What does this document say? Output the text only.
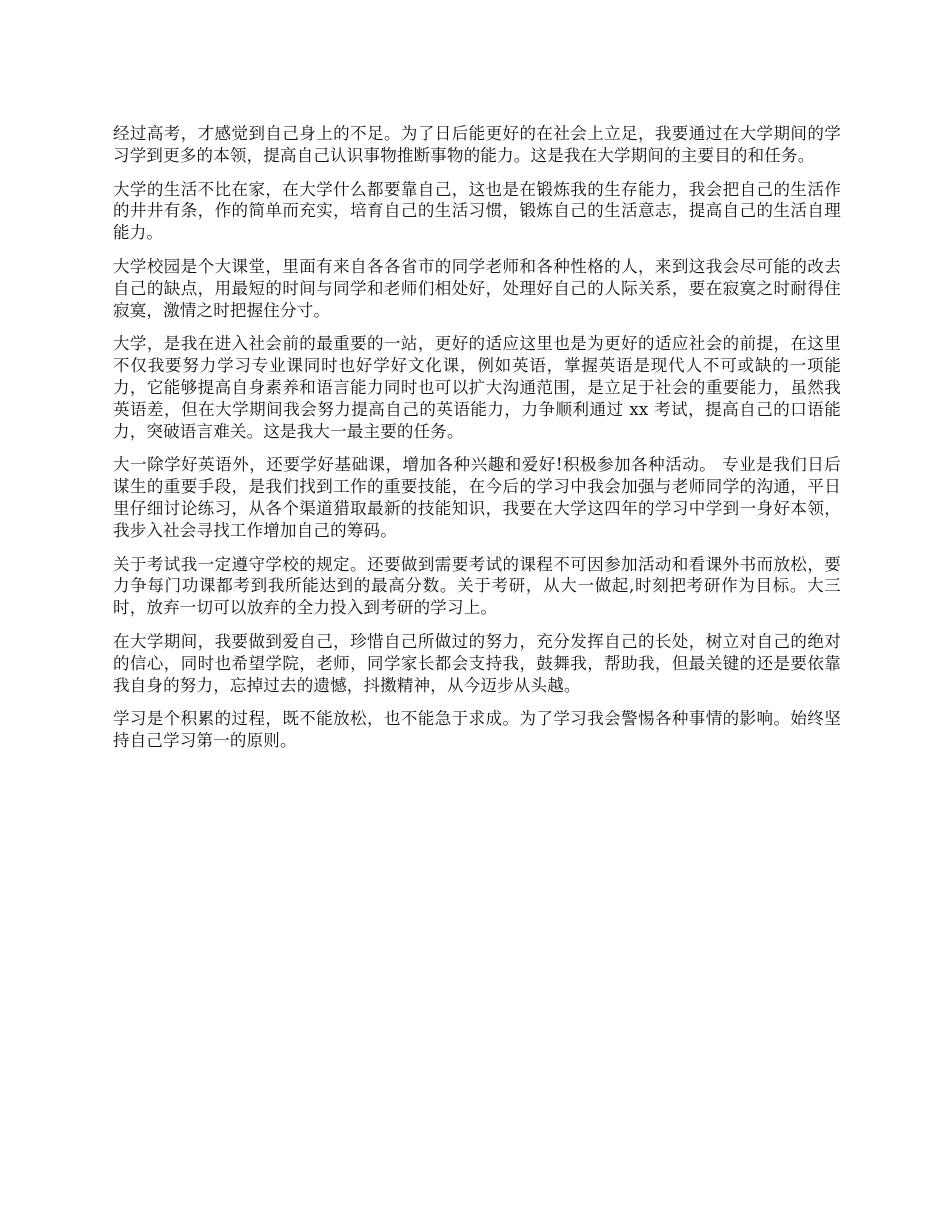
经过高考，才感觉到自己身上的不足。为了日后能更好的在社会上立足，我要通过在大学期间的学习学到更多的本领，提高自己认识事物推断事物的能力。这是我在大学期间的主要目的和任务。

大学的生活不比在家，在大学什么都要靠自己，这也是在锻炼我的生存能力，我会把自己的生活作的井井有条，作的简单而充实，培育自己的生活习惯，锻炼自己的生活意志，提高自己的生活自理能力。

大学校园是个大课堂，里面有来自各各省市的同学老师和各种性格的人，来到这我会尽可能的改去自己的缺点，用最短的时间与同学和老师们相处好，处理好自己的人际关系，要在寂寞之时耐得住寂寞，激情之时把握住分寸。

大学，是我在进入社会前的最重要的一站，更好的适应这里也是为更好的适应社会的前提，在这里不仅我要努力学习专业课同时也好学好文化课，例如英语，掌握英语是现代人不可或缺的一项能力，它能够提高自身素养和语言能力同时也可以扩大沟通范围，是立足于社会的重要能力，虽然我英语差，但在大学期间我会努力提高自己的英语能力，力争顺利通过 xx 考试，提高自己的口语能力，突破语言难关。这是我大一最主要的任务。

大一除学好英语外，还要学好基础课，增加各种兴趣和爱好!积极参加各种活动。 专业是我们日后谋生的重要手段，是我们找到工作的重要技能，在今后的学习中我会加强与老师同学的沟通，平日里仔细讨论练习，从各个渠道猎取最新的技能知识，我要在大学这四年的学习中学到一身好本领，我步入社会寻找工作增加自己的筹码。

关于考试我一定遵守学校的规定。还要做到需要考试的课程不可因参加活动和看课外书而放松，要力争每门功课都考到我所能达到的最高分数。关于考研，从大一做起,时刻把考研作为目标。大三时，放弃一切可以放弃的全力投入到考研的学习上。

在大学期间，我要做到爱自己，珍惜自己所做过的努力，充分发挥自己的长处，树立对自己的绝对的信心，同时也希望学院，老师，同学家长都会支持我，鼓舞我，帮助我，但最关键的还是要依靠我自身的努力，忘掉过去的遗憾，抖擞精神，从今迈步从头越。

学习是个积累的过程，既不能放松，也不能急于求成。为了学习我会警惕各种事情的影响。始终坚持自己学习第一的原则。
